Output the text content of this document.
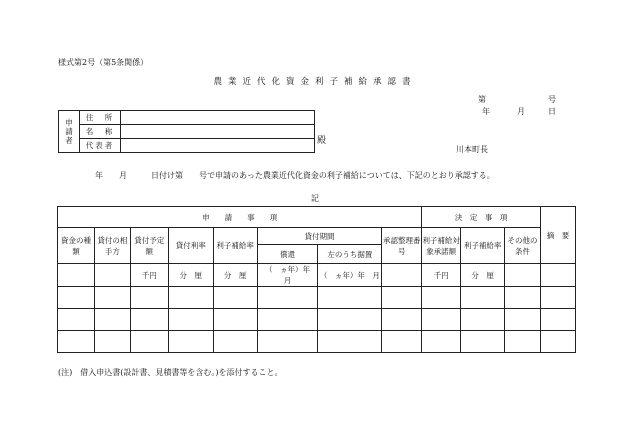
様式第2号（第5条関係）
農業近代化資金利子補給承認書
第	号
年	月	日
申
請
者	住　所	
	名　称	
	代表者		殿
川本町長
年　　月　　　日付け第　　号で申請のあった農業近代化資金の利子補給については、下記のとおり承認する。
記
申　　請　　事　　項								決　定　事　項			摘　要
資金の種類	貸付の相手方	貸付予定額	貸付利率	利子補給率	貸付期間		承認整理番号	利子補給対象承諾額	利子補給率	その他の条件	
					償還	左のうち据置					
		千円	分　厘	分　厘	（　ヵ年）年　月	（　ヵ年）年　月		千円	分　厘		

(注)　借入申込書(設計書、見積書等を含む。)を添付すること。
